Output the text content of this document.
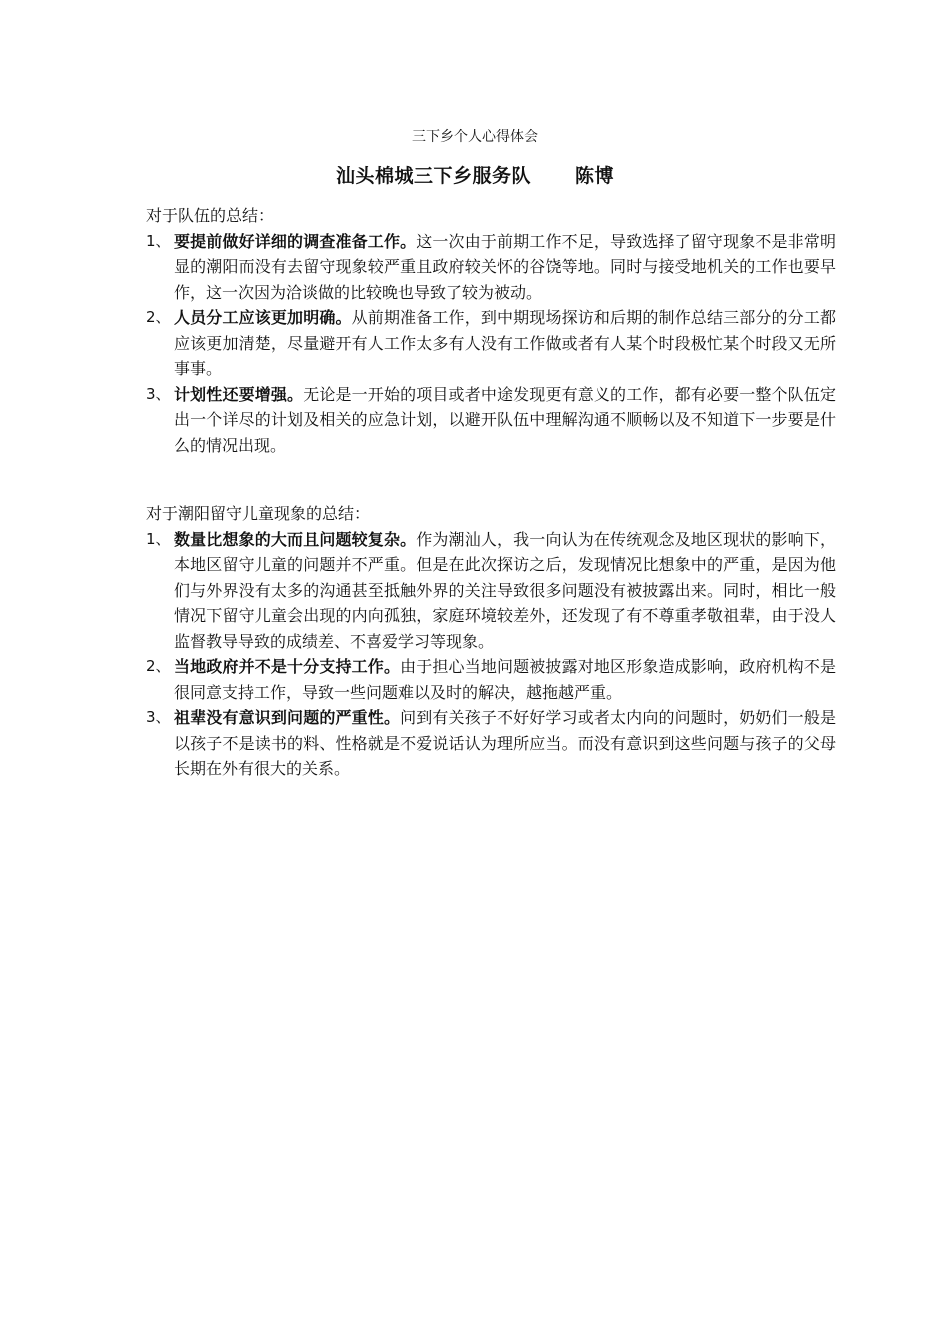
三下乡个人心得体会
汕头棉城三下乡服务队 陈博

对于队伍的总结：

1、 要提前做好详细的调查准备工作。这一次由于前期工作不足，导致选择了留守现象不是非常明显的潮阳而没有去留守现象较严重且政府较关怀的谷饶等地。同时与接受地机关的工作也要早作，这一次因为洽谈做的比较晚也导致了较为被动。
2、 人员分工应该更加明确。从前期准备工作，到中期现场探访和后期的制作总结三部分的分工都应该更加清楚，尽量避开有人工作太多有人没有工作做或者有人某个时段极忙某个时段又无所事事。
3、 计划性还要增强。无论是一开始的项目或者中途发现更有意义的工作，都有必要一整个队伍定出一个详尽的计划及相关的应急计划，以避开队伍中理解沟通不顺畅以及不知道下一步要是什么的情况出现。

对于潮阳留守儿童现象的总结：

1、 数量比想象的大而且问题较复杂。作为潮汕人，我一向认为在传统观念及地区现状的影响下，本地区留守儿童的问题并不严重。但是在此次探访之后，发现情况比想象中的严重，是因为他们与外界没有太多的沟通甚至抵触外界的关注导致很多问题没有被披露出来。同时，相比一般情况下留守儿童会出现的内向孤独，家庭环境较差外，还发现了有不尊重孝敬祖辈，由于没人监督教导导致的成绩差、不喜爱学习等现象。
2、 当地政府并不是十分支持工作。由于担心当地问题被披露对地区形象造成影响，政府机构不是很同意支持工作，导致一些问题难以及时的解决，越拖越严重。
3、 祖辈没有意识到问题的严重性。问到有关孩子不好好学习或者太内向的问题时，奶奶们一般是以孩子不是读书的料、性格就是不爱说话认为理所应当。而没有意识到这些问题与孩子的父母长期在外有很大的关系。
